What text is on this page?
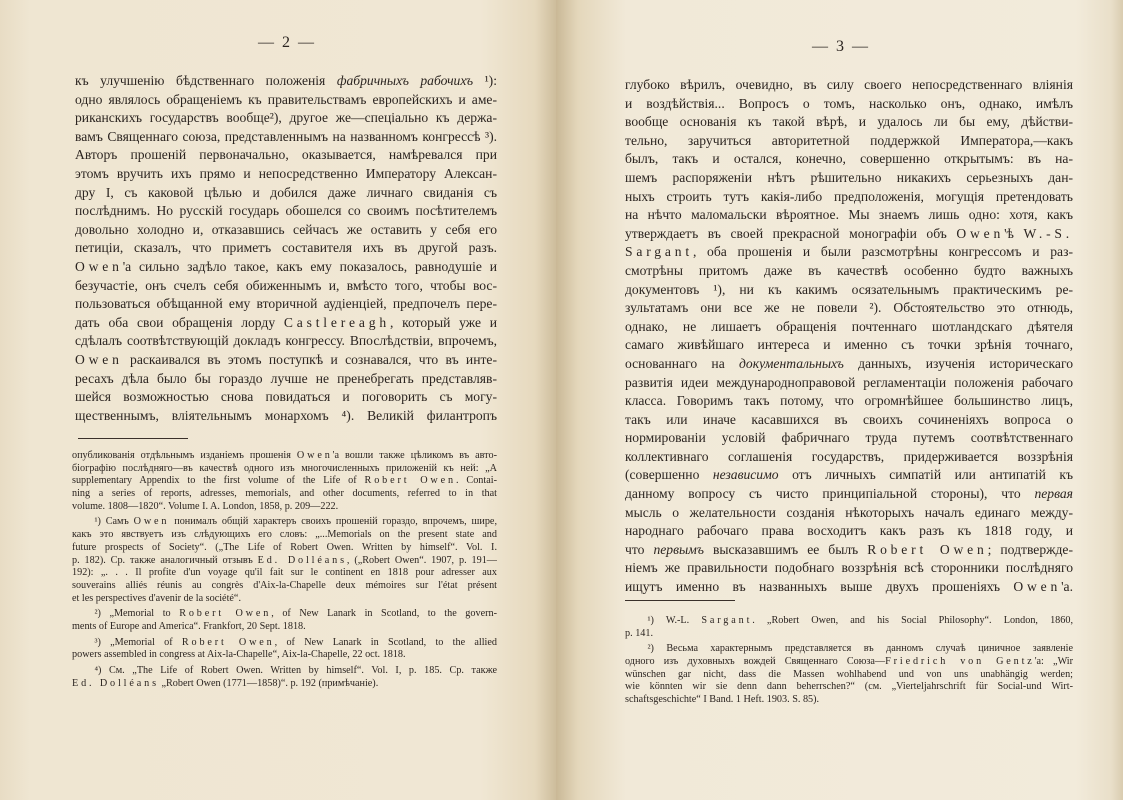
— 2 —
къ улучшенію бѣдственнаго положенія фабричныхъ рабочихъ ¹):
одно являлось обращеніемъ къ правительствамъ европейскихъ и аме-
риканскихъ государствъ вообще²), другое же—спеціально къ держа-
вамъ Священнаго союза, представленнымъ на названномъ конгрессѣ ³).
Авторъ прошеній первоначально, оказывается, намѣревался при
этомъ вручить ихъ прямо и непосредственно Императору Алексан-
дру I, съ каковой цѣлью и добился даже личнаго свиданія съ
послѣднимъ. Но русскій государь обошелся со своимъ посѣтителемъ
довольно холодно и, отказавшись сейчасъ же оставить у себя его
петиціи, сказалъ, что приметъ составителя ихъ въ другой разъ.
Owen'a сильно задѣло такое, какъ ему показалось, равнодушіе и
безучастіе, онъ счелъ себя обиженнымъ и, вмѣсто того, чтобы вос-
пользоваться обѣщанной ему вторичной аудіенціей, предпочелъ пере-
дать оба свои обращенія лорду Castlereagh, который уже и
сдѣлалъ соотвѣтствующій докладъ конгрессу. Впослѣдствіи, впрочемъ,
Owen раскаивался въ этомъ поступкѣ и сознавался, что въ инте-
ресахъ дѣла было бы гораздо лучше не пренебрегать представляв-
шейся возможностью снова повидаться и поговорить съ могу-
щественнымъ, вліятельнымъ монархомъ ⁴). Великій филантропъ
опубликованія отдѣльнымъ изданіемъ прошенія Owen'a вошли также цѣликомъ въ авто-
біографію послѣдняго—въ качествѣ одного изъ многочисленныхъ приложеній къ ней: „A
supplementary Appendix to the first volume of the Life of Robert Owen. Contai-
ning a series of reports, adresses, memorials, and other documents, referred to in that
volume. 1808—1820“. Volume I. A. London, 1858, p. 209—222.
¹) Самъ Owen понималъ общій характеръ своихъ прошеній гораздо, впрочемъ, шире,
какъ это явствуетъ изъ слѣдующихъ его словъ: „...Memorials on the present state and
future prospects of Society“. („The Life of Robert Owen. Written by himself“. Vol. I.
p. 182). Ср. также аналогичный отзывъ Ed. Dolléans, („Robert Owen“. 1907, p. 191—
192): „. . . Il profite d'un voyage qu'il fait sur le continent en 1818 pour adresser aux
souverains alliés réunis au congrès d'Aix-la-Chapelle deux mémoires sur l'état présent
et les perspectives d'avenir de la société“.
²) „Memorial to Robert Owen, of New Lanark in Scotland, to the govern-
ments of Europe and America“. Frankfort, 20 Sept. 1818.
³) „Memorial of Robert Owen, of New Lanark in Scotland, to the allied
powers assembled in congress at Aix-la-Chapelle“, Aix-la-Chapelle, 22 oct. 1818.
⁴) См. „The Life of Robert Owen. Written by himself“. Vol. I, p. 185. Ср. также
Ed. Dolléans „Robert Owen (1771—1858)“. p. 192 (примѣчаніе).
— 3 —
глубоко вѣрилъ, очевидно, въ силу своего непосредственнаго вліянія
и воздѣйствія... Вопросъ о томъ, насколько онъ, однако, имѣлъ
вообще основанія къ такой вѣрѣ, и удалось ли бы ему, дѣйстви-
тельно, заручиться авторитетной поддержкой Императора,—какъ
былъ, такъ и остался, конечно, совершенно открытымъ: въ на-
шемъ распоряженіи нѣтъ рѣшительно никакихъ серьезныхъ дан-
ныхъ строить тутъ какія-либо предположенія, могущія претендовать
на нѣчто маломальски вѣроятное. Мы знаемъ лишь одно: хотя, какъ
утверждаетъ въ своей прекрасной монографіи объ Owen'ѣ W.-S.
Sargant, оба прошенія и были разсмотрѣны конгрессомъ и раз-
смотрѣны притомъ даже въ качествѣ особенно будто важныхъ
документовъ ¹), ни къ какимъ осязательнымъ практическимъ ре-
зультатамъ они все же не повели ²). Обстоятельство это отнюдь,
однако, не лишаетъ обращенія почтеннаго шотландскаго дѣятеля
самаго живѣйшаго интереса и именно съ точки зрѣнія точнаго,
основаннаго на документальныхъ данныхъ, изученія историческаго
развитія идеи международноправовой регламентаціи положенія рабочаго
класса. Говоримъ такъ потому, что огромнѣйшее большинство лицъ,
такъ или иначе касавшихся въ своихъ сочиненіяхъ вопроса о
нормированіи условій фабричнаго труда путемъ соотвѣтственнаго
коллективнаго соглашенія государствъ, придерживается воззрѣнія
(совершенно независимо отъ личныхъ симпатій или антипатій къ
данному вопросу съ чисто принципіальной стороны), что первая
мысль о желательности созданія нѣкоторыхъ началъ единаго между-
народнаго рабочаго права восходитъ какъ разъ къ 1818 году, и
что первымъ высказавшимъ ее былъ Robert Owen; подтвержде-
ніемъ же правильности подобнаго воззрѣнія всѣ сторонники послѣдняго
ищутъ именно въ названныхъ выше двухъ прошеніяхъ Owen'a.
¹) W.-L. Sargant. „Robert Owen, and his Social Philosophy“. London, 1860,
p. 141.
²) Весьма характернымъ представляется въ данномъ случаѣ циничное заявленіе
одного изъ духовныхъ вождей Священнаго Союза—Friedrich von Gentz'a: „Wir
wünschen gar nicht, dass die Massen wohlhabend und von uns unabhängig werden;
wie könnten wir sie denn dann beherrschen?“ (см. „Vierteljahrschrift für Social-und Wirt-
schaftsgeschichte“ I Band. 1 Heft. 1903. S. 85).
